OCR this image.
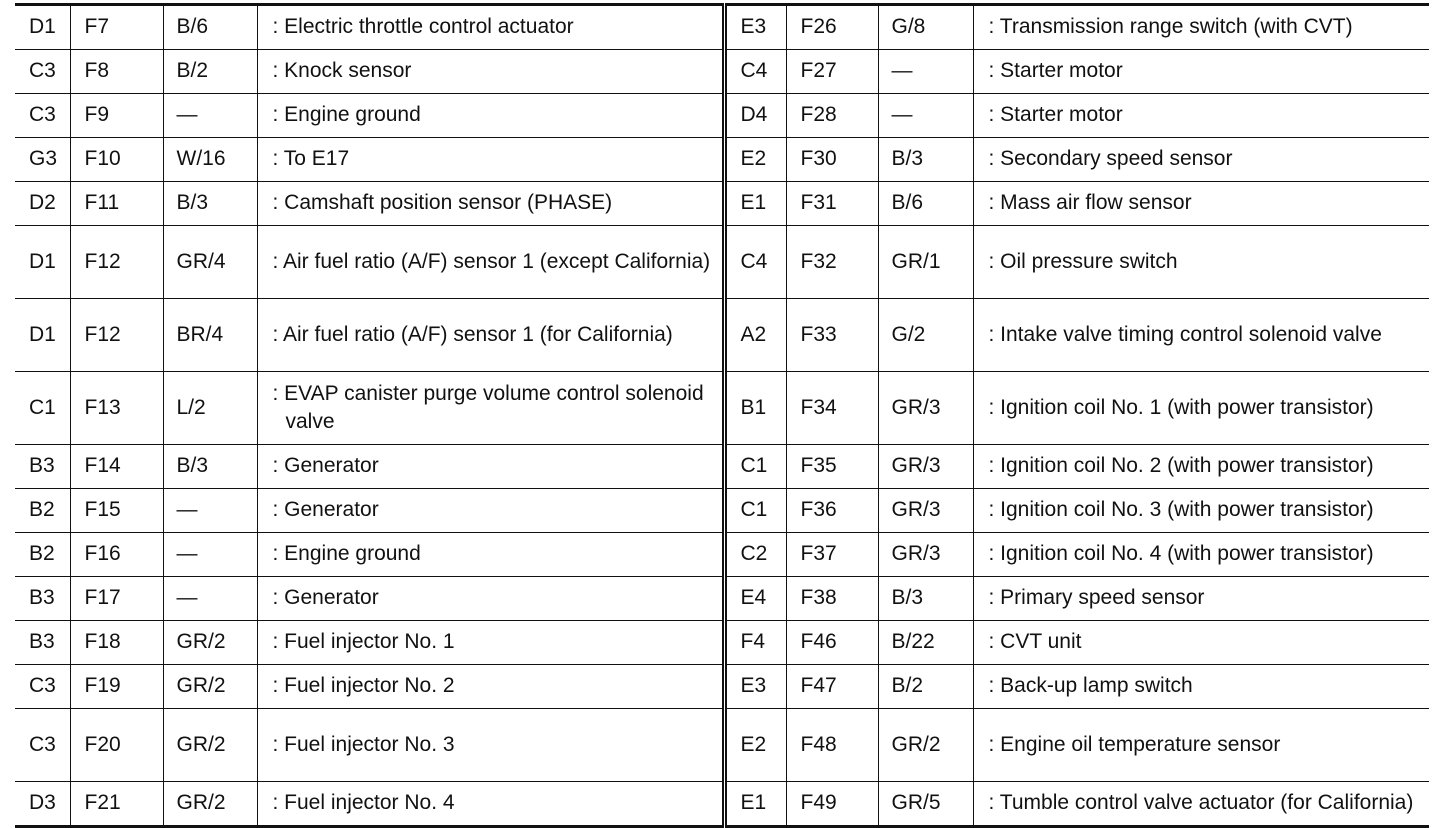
D1	F7	B/6	: Electric throttle control actuator	E3	F26	G/8	: Transmission range switch (with CVT)

C3	F8	B/2	: Knock sensor	C4	F27	—	: Starter motor

C3	F9	—	: Engine ground	D4	F28	—	: Starter motor

G3	F10	W/16	: To E17	E2	F30	B/3	: Secondary speed sensor

D2	F11	B/3	: Camshaft position sensor (PHASE)	E1	F31	B/6	: Mass air flow sensor

D1	F12	GR/4	: Air fuel ratio (A/F) sensor 1 (except California)	C4	F32	GR/1	: Oil pressure switch

D1	F12	BR/4	: Air fuel ratio (A/F) sensor 1 (for California)	A2	F33	G/2	: Intake valve timing control solenoid valve

C1	F13	L/2	: EVAP canister purge volume control solenoid valve	B1	F34	GR/3	: Ignition coil No. 1 (with power transistor)

B3	F14	B/3	: Generator	C1	F35	GR/3	: Ignition coil No. 2 (with power transistor)

B2	F15	—	: Generator	C1	F36	GR/3	: Ignition coil No. 3 (with power transistor)

B2	F16	—	: Engine ground	C2	F37	GR/3	: Ignition coil No. 4 (with power transistor)

B3	F17	—	: Generator	E4	F38	B/3	: Primary speed sensor

B3	F18	GR/2	: Fuel injector No. 1	F4	F46	B/22	: CVT unit

C3	F19	GR/2	: Fuel injector No. 2	E3	F47	B/2	: Back-up lamp switch

C3	F20	GR/2	: Fuel injector No. 3	E2	F48	GR/2	: Engine oil temperature sensor

D3	F21	GR/2	: Fuel injector No. 4	E1	F49	GR/5	: Tumble control valve actuator (for California)
